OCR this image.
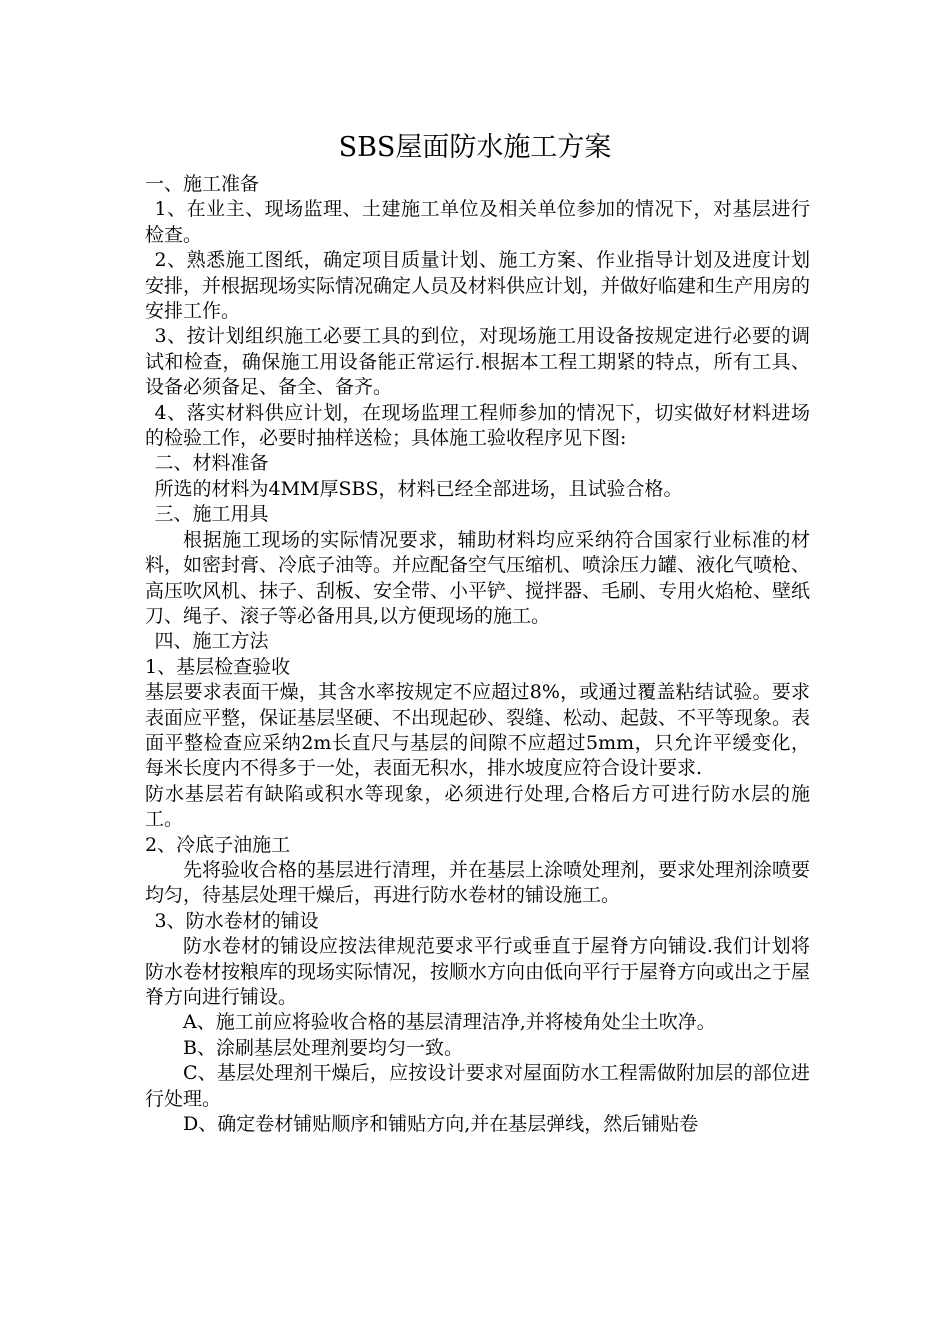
SBS屋面防水施工方案

一、施工准备

1、在业主、现场监理、土建施工单位及相关单位参加的情况下，对基层进行检查。

2、熟悉施工图纸，确定项目质量计划、施工方案、作业指导计划及进度计划安排，并根据现场实际情况确定人员及材料供应计划，并做好临建和生产用房的安排工作。

3、按计划组织施工必要工具的到位，对现场施工用设备按规定进行必要的调试和检查，确保施工用设备能正常运行.根据本工程工期紧的特点，所有工具、设备必须备足、备全、备齐。

4、落实材料供应计划，在现场监理工程师参加的情况下，切实做好材料进场的检验工作，必要时抽样送检；具体施工验收程序见下图:

二、材料准备

所选的材料为4MM厚SBS，材料已经全部进场，且试验合格。

三、施工用具

根据施工现场的实际情况要求，辅助材料均应采纳符合国家行业标准的材料，如密封膏、冷底子油等。并应配备空气压缩机、喷涂压力罐、液化气喷枪、高压吹风机、抹子、刮板、安全带、小平铲、搅拌器、毛刷、专用火焰枪、壁纸刀、绳子、滚子等必备用具,以方便现场的施工。

四、施工方法

1、基层检查验收

基层要求表面干燥，其含水率按规定不应超过8%，或通过覆盖粘结试验。要求表面应平整，保证基层坚硬、不出现起砂、裂缝、松动、起鼓、不平等现象。表面平整检查应采纳2m长直尺与基层的间隙不应超过5mm，只允许平缓变化，每米长度内不得多于一处，表面无积水，排水坡度应符合设计要求.

防水基层若有缺陷或积水等现象，必须进行处理,合格后方可进行防水层的施工。

2、冷底子油施工

先将验收合格的基层进行清理，并在基层上涂喷处理剂，要求处理剂涂喷要均匀，待基层处理干燥后，再进行防水卷材的铺设施工。

3、防水卷材的铺设

防水卷材的铺设应按法律规范要求平行或垂直于屋脊方向铺设.我们计划将防水卷材按粮库的现场实际情况，按顺水方向由低向平行于屋脊方向或出之于屋脊方向进行铺设。

A、施工前应将验收合格的基层清理洁净,并将棱角处尘土吹净。

B、涂刷基层处理剂要均匀一致。

C、基层处理剂干燥后，应按设计要求对屋面防水工程需做附加层的部位进行处理。

D、确定卷材铺贴顺序和铺贴方向,并在基层弹线，然后铺贴卷
